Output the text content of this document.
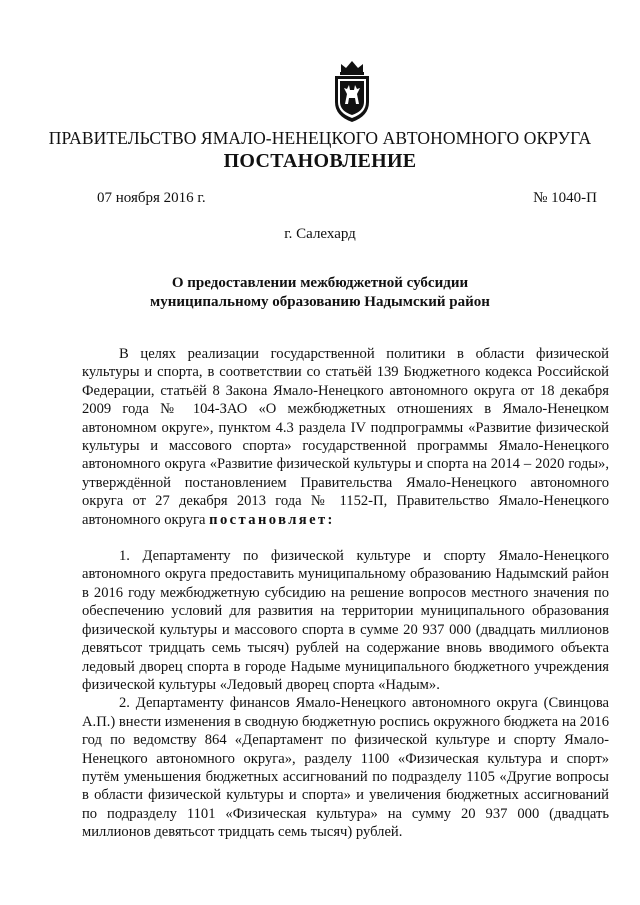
ПРАВИТЕЛЬСТВО ЯМАЛО-НЕНЕЦКОГО АВТОНОМНОГО ОКРУГА
ПОСТАНОВЛЕНИЕ
07 ноября 2016 г.	№ 1040-П
г. Салехард
О предоставлении межбюджетной субсидии
муниципальному образованию Надымский район

В целях реализации государственной политики в области физической культуры и спорта, в соответствии со статьёй 139 Бюджетного кодекса Российской Федерации, статьёй 8 Закона Ямало-Ненецкого автономного округа от 18 декабря 2009 года № 104-ЗАО «О межбюджетных отношениях в Ямало-Ненецком автономном округе», пунктом 4.3 раздела IV подпрограммы «Развитие физической культуры и массового спорта» государственной программы Ямало-Ненецкого автономного округа «Развитие физической культуры и спорта на 2014 – 2020 годы», утверждённой постановлением Правительства Ямало-Ненецкого автономного округа от 27 декабря 2013 года № 1152-П, Правительство Ямало-Ненецкого автономного округа постановляет:

1. Департаменту по физической культуре и спорту Ямало-Ненецкого автономного округа предоставить муниципальному образованию Надымский район в 2016 году межбюджетную субсидию на решение вопросов местного значения по обеспечению условий для развития на территории муниципального образования физической культуры и массового спорта в сумме 20 937 000 (двадцать миллионов девятьсот тридцать семь тысяч) рублей на содержание вновь вводимого объекта ледовый дворец спорта в городе Надыме муниципального бюджетного учреждения физической культуры «Ледовый дворец спорта «Надым».

2. Департаменту финансов Ямало-Ненецкого автономного округа (Свинцова А.П.) внести изменения в сводную бюджетную роспись окружного бюджета на 2016 год по ведомству 864 «Департамент по физической культуре и спорту Ямало-Ненецкого автономного округа», разделу 1100 «Физическая культура и спорт» путём уменьшения бюджетных ассигнований по подразделу 1105 «Другие вопросы в области физической культуры и спорта» и увеличения бюджетных ассигнований по подразделу 1101 «Физическая культура» на сумму 20 937 000 (двадцать миллионов девятьсот тридцать семь тысяч) рублей.
